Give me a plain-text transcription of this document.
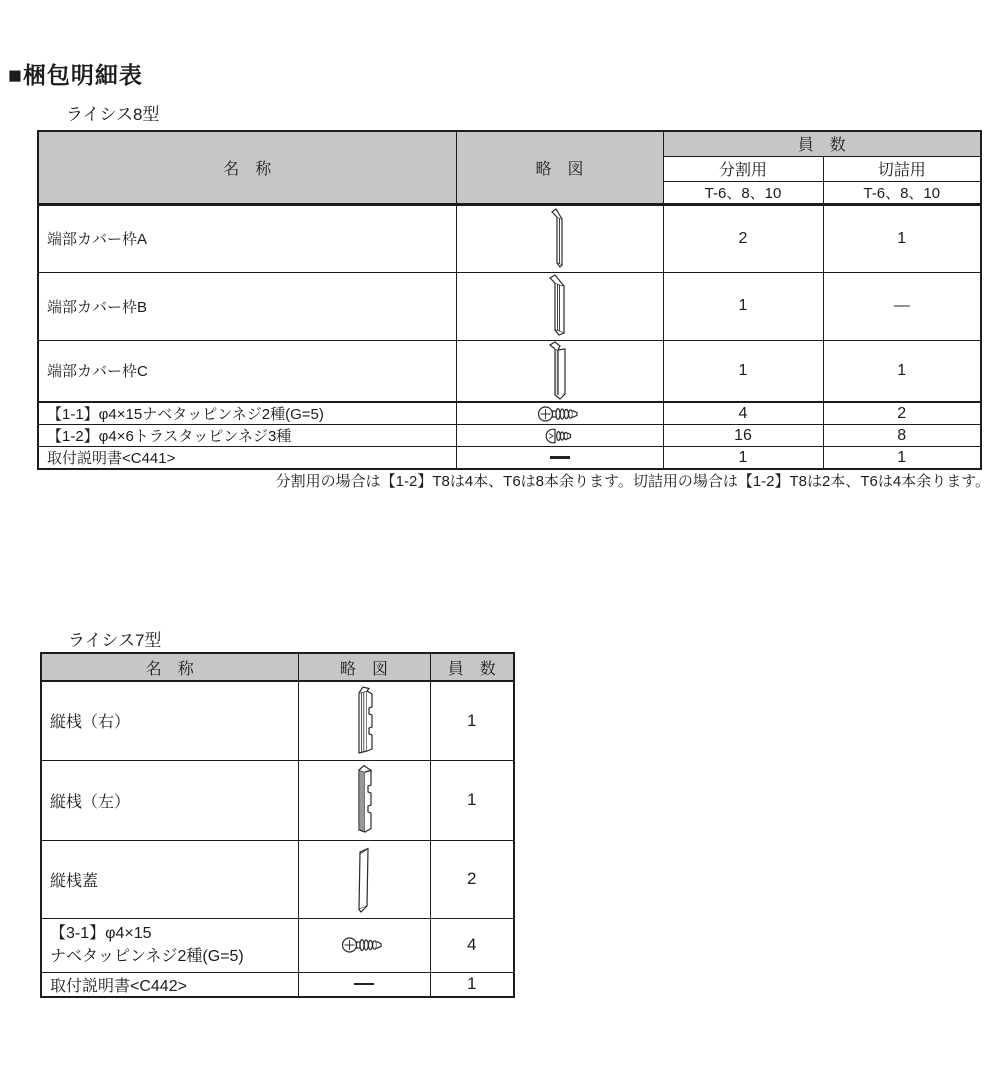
■梱包明細表
ライシス8型
名　称	略　図	員　数	
		分割用	切詰用
		T-6、8、10	T-6、8、10
端部カバー枠A		2	1
端部カバー枠B		1	—
端部カバー枠C		1	1
【1-1】φ4×15ナベタッピンネジ2種(G=5)		4	2
【1-2】φ4×6トラスタッピンネジ3種		16	8
取付説明書<C441>		1	1
分割用の場合は【1-2】T8は4本、T6は8本余ります。切詰用の場合は【1-2】T8は2本、T6は4本余ります。
ライシス7型
名　称	略　図	員　数
縦桟（右）		1
縦桟（左）		1
縦桟蓋		2

【3-1】φ4×15
ナベタッピンネジ2種(G=5)		4
取付説明書<C442>		1
